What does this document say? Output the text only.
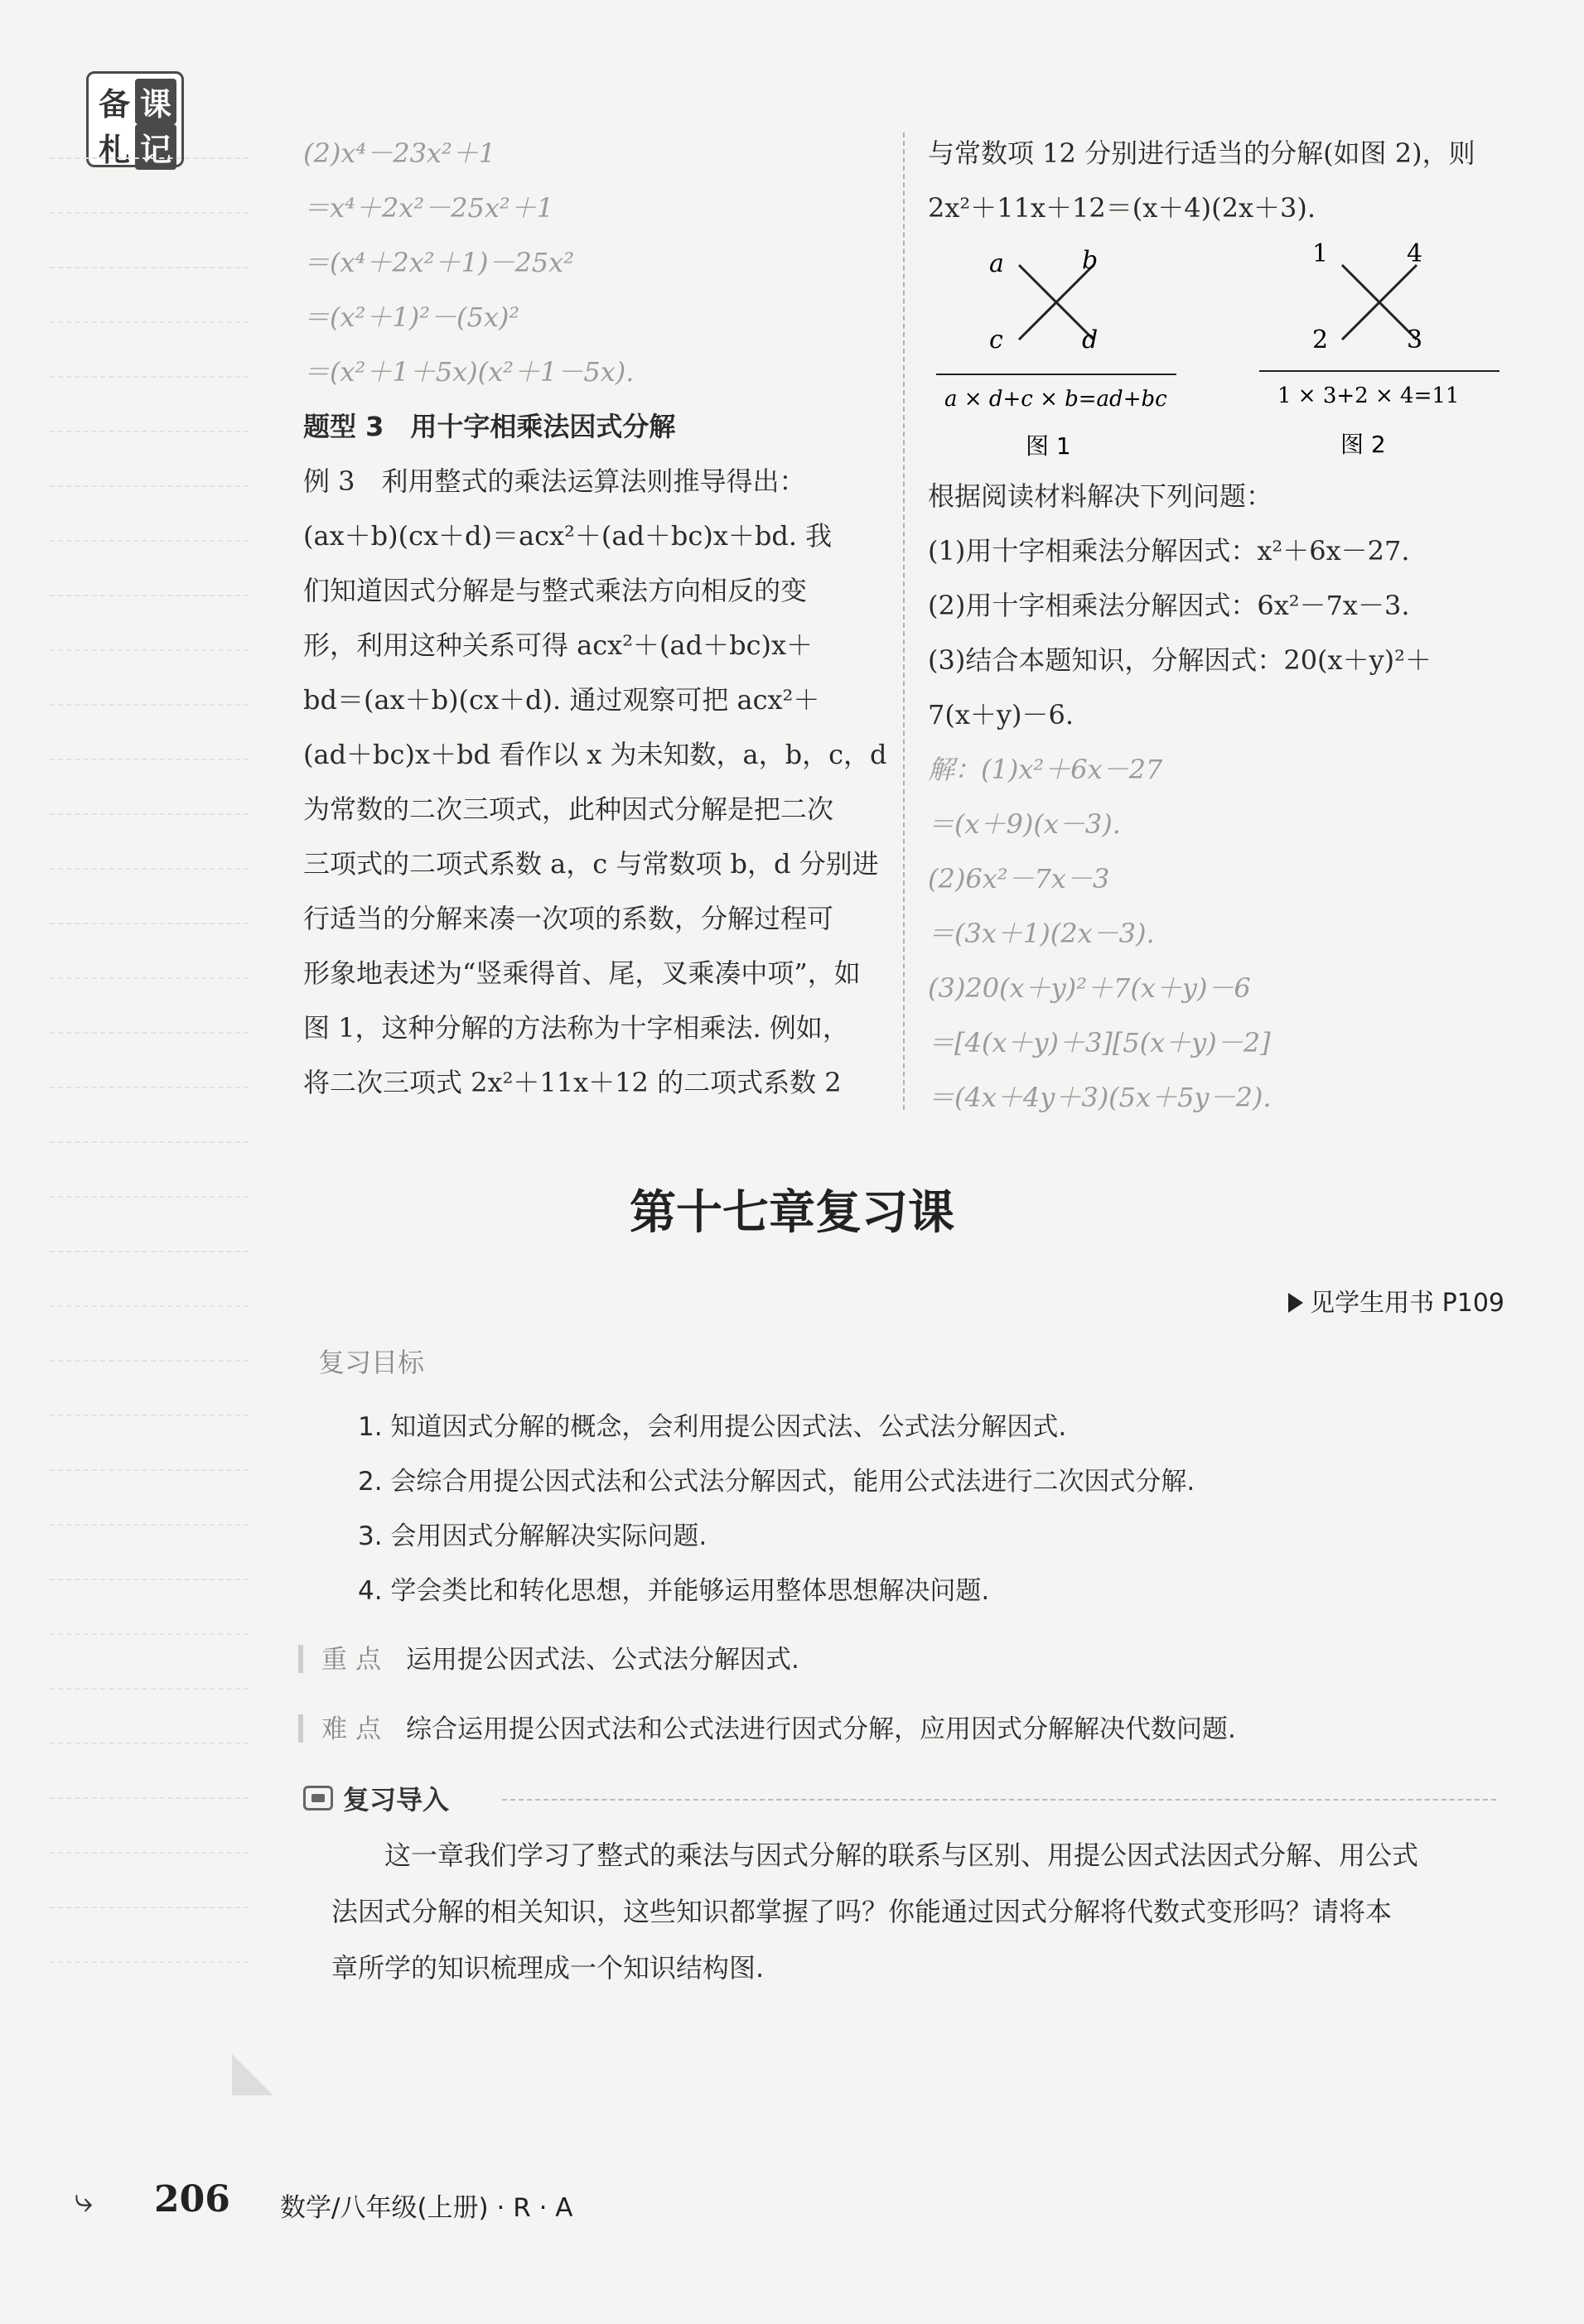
备 课
札 记	(2)x⁴－23x²＋1
＝x⁴＋2x²－25x²＋1
＝(x⁴＋2x²＋1)－25x²
＝(x²＋1)²－(5x)²
＝(x²＋1＋5x)(x²＋1－5x).
题型 3　用十字相乘法因式分解
例 3　利用整式的乘法运算法则推导得出：
(ax＋b)(cx＋d)＝acx²＋(ad＋bc)x＋bd. 我
们知道因式分解是与整式乘法方向相反的变
形，利用这种关系可得 acx²＋(ad＋bc)x＋
bd＝(ax＋b)(cx＋d). 通过观察可把 acx²＋
(ad＋bc)x＋bd 看作以 x 为未知数，a，b，c，d
为常数的二次三项式，此种因式分解是把二次
三项式的二项式系数 a，c 与常数项 b，d 分别进
行适当的分解来凑一次项的系数，分解过程可
形象地表述为“竖乘得首、尾，叉乘凑中项”，如
图 1，这种分解的方法称为十字相乘法. 例如，
将二次三项式 2x²＋11x＋12 的二项式系数 2
与常数项 12 分别进行适当的分解(如图 2)，则
2x²＋11x＋12＝(x＋4)(2x＋3).
a	b
c	d
a × d+c × b=ad+bc
图 1
1	4
2	3
1 × 3+2 × 4=11
图 2
根据阅读材料解决下列问题：
(1)用十字相乘法分解因式：x²＋6x－27.
(2)用十字相乘法分解因式：6x²－7x－3.
(3)结合本题知识，分解因式：20(x＋y)²＋
7(x＋y)－6.
解：(1)x²＋6x－27
＝(x＋9)(x－3).
(2)6x²－7x－3
＝(3x＋1)(2x－3).
(3)20(x＋y)²＋7(x＋y)－6
＝[4(x＋y)＋3][5(x＋y)－2]
＝(4x＋4y＋3)(5x＋5y－2).
第十七章复习课
见学生用书 P109
复习目标
1. 知道因式分解的概念，会利用提公因式法、公式法分解因式.
2. 会综合用提公因式法和公式法分解因式，能用公式法进行二次因式分解.
3. 会用因式分解解决实际问题.
4. 学会类比和转化思想，并能够运用整体思想解决问题.
重点 运用提公因式法、公式法分解因式.
难点 综合运用提公因式法和公式法进行因式分解，应用因式分解解决代数问题.
复习导入
这一章我们学习了整式的乘法与因式分解的联系与区别、用提公因式法因式分解、用公式
法因式分解的相关知识，这些知识都掌握了吗？你能通过因式分解将代数式变形吗？请将本
章所学的知识梳理成一个知识结构图.
⤷ 206 数学/八年级(上册) · R · A
